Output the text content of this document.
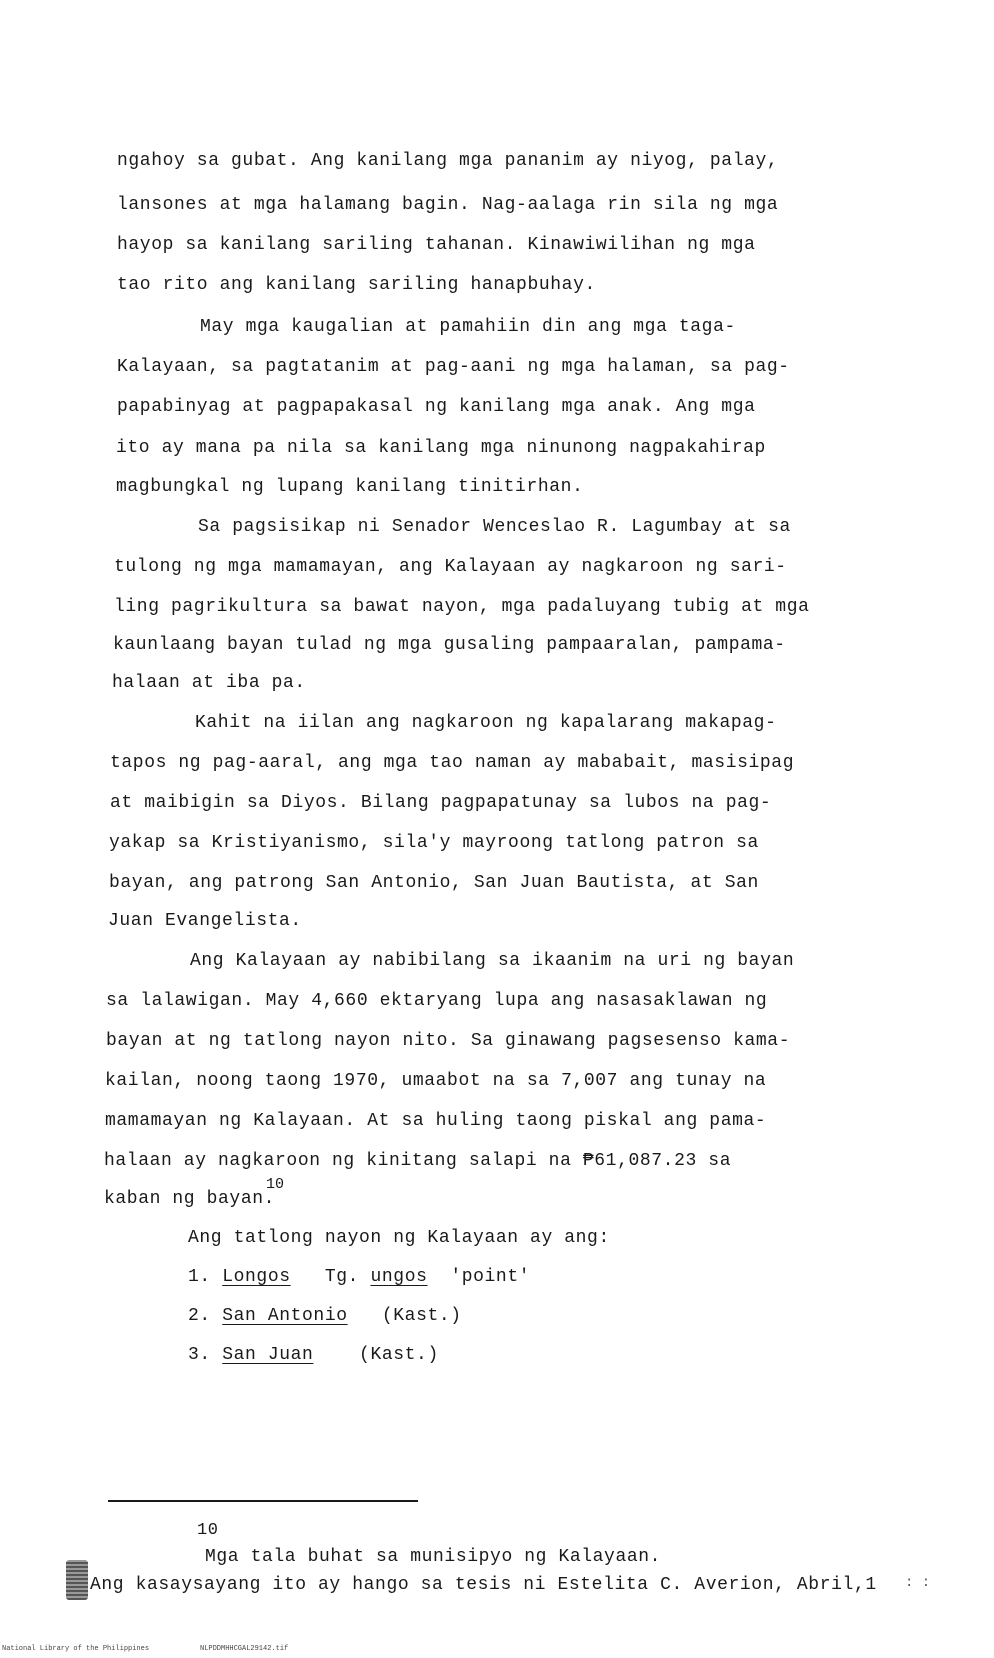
ngahoy sa gubat. Ang kanilang mga pananim ay niyog, palay,
lansones at mga halamang bagin. Nag-aalaga rin sila ng mga
hayop sa kanilang sariling tahanan. Kinawiwilihan ng mga
tao rito ang kanilang sariling hanapbuhay.
May mga kaugalian at pamahiin din ang mga taga-
Kalayaan, sa pagtatanim at pag-aani ng mga halaman, sa pag-
papabinyag at pagpapakasal ng kanilang mga anak. Ang mga
ito ay mana pa nila sa kanilang mga ninunong nagpakahirap
magbungkal ng lupang kanilang tinitirhan.
Sa pagsisikap ni Senador Wenceslao R. Lagumbay at sa
tulong ng mga mamamayan, ang Kalayaan ay nagkaroon ng sari-
ling pagrikultura sa bawat nayon, mga padaluyang tubig at mga
kaunlaang bayan tulad ng mga gusaling pampaaralan, pampama-
halaan at iba pa.
Kahit na iilan ang nagkaroon ng kapalarang makapag-
tapos ng pag-aaral, ang mga tao naman ay mababait, masisipag
at maibigin sa Diyos. Bilang pagpapatunay sa lubos na pag-
yakap sa Kristiyanismo, sila'y mayroong tatlong patron sa
bayan, ang patrong San Antonio, San Juan Bautista, at San
Juan Evangelista.
Ang Kalayaan ay nabibilang sa ikaanim na uri ng bayan
sa lalawigan. May 4,660 ektaryang lupa ang nasasaklawan ng
bayan at ng tatlong nayon nito. Sa ginawang pagsesenso kama-
kailan, noong taong 1970, umaabot na sa 7,007 ang tunay na
mamamayan ng Kalayaan. At sa huling taong piskal ang pama-
halaan ay nagkaroon ng kinitang salapi na ₱61,087.23 sa
kaban ng bayan.
10
Ang tatlong nayon ng Kalayaan ay ang:
1. Longos Tg. ungos 'point'
2. San Antonio (Kast.)
3. San Juan	(Kast.)
10
Mga tala buhat sa munisipyo ng Kalayaan.
Ang kasaysayang ito ay hango sa tesis ni Estelita C. Averion, Abril,1 : :
National Library of the Philippines	NLPDDMHHCGAL29142.tif
